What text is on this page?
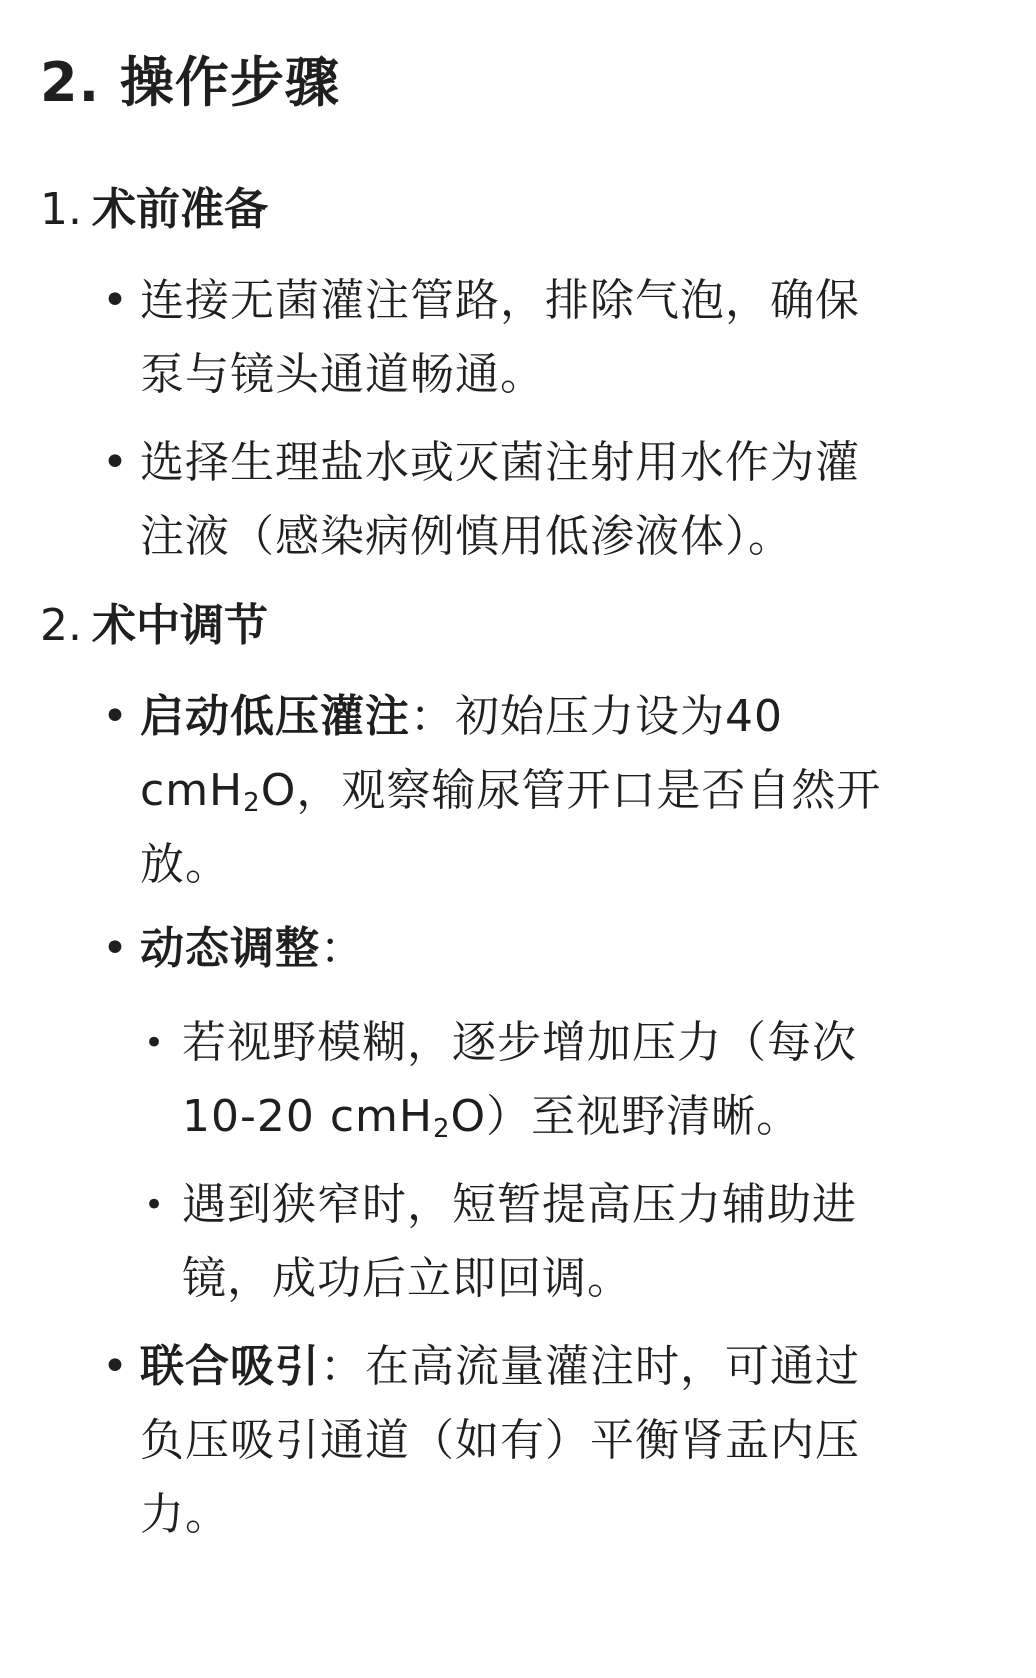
2. 操作步骤
1. 术前准备
• 连接无菌灌注管路，排除气泡，确保
泵与镜头通道畅通。
• 选择生理盐水或灭菌注射用水作为灌
注液（感染病例慎用低渗液体）。
2. 术中调节
• 启动低压灌注：初始压力设为40
cmH$_2$O，观察输尿管开口是否自然开
放。
• 动态调整：
• 若视野模糊，逐步增加压力（每次
10-20 cmH$_2$O）至视野清晰。
• 遇到狭窄时，短暂提高压力辅助进
镜，成功后立即回调。
• 联合吸引：在高流量灌注时，可通过
负压吸引通道（如有）平衡肾盂内压
力。
